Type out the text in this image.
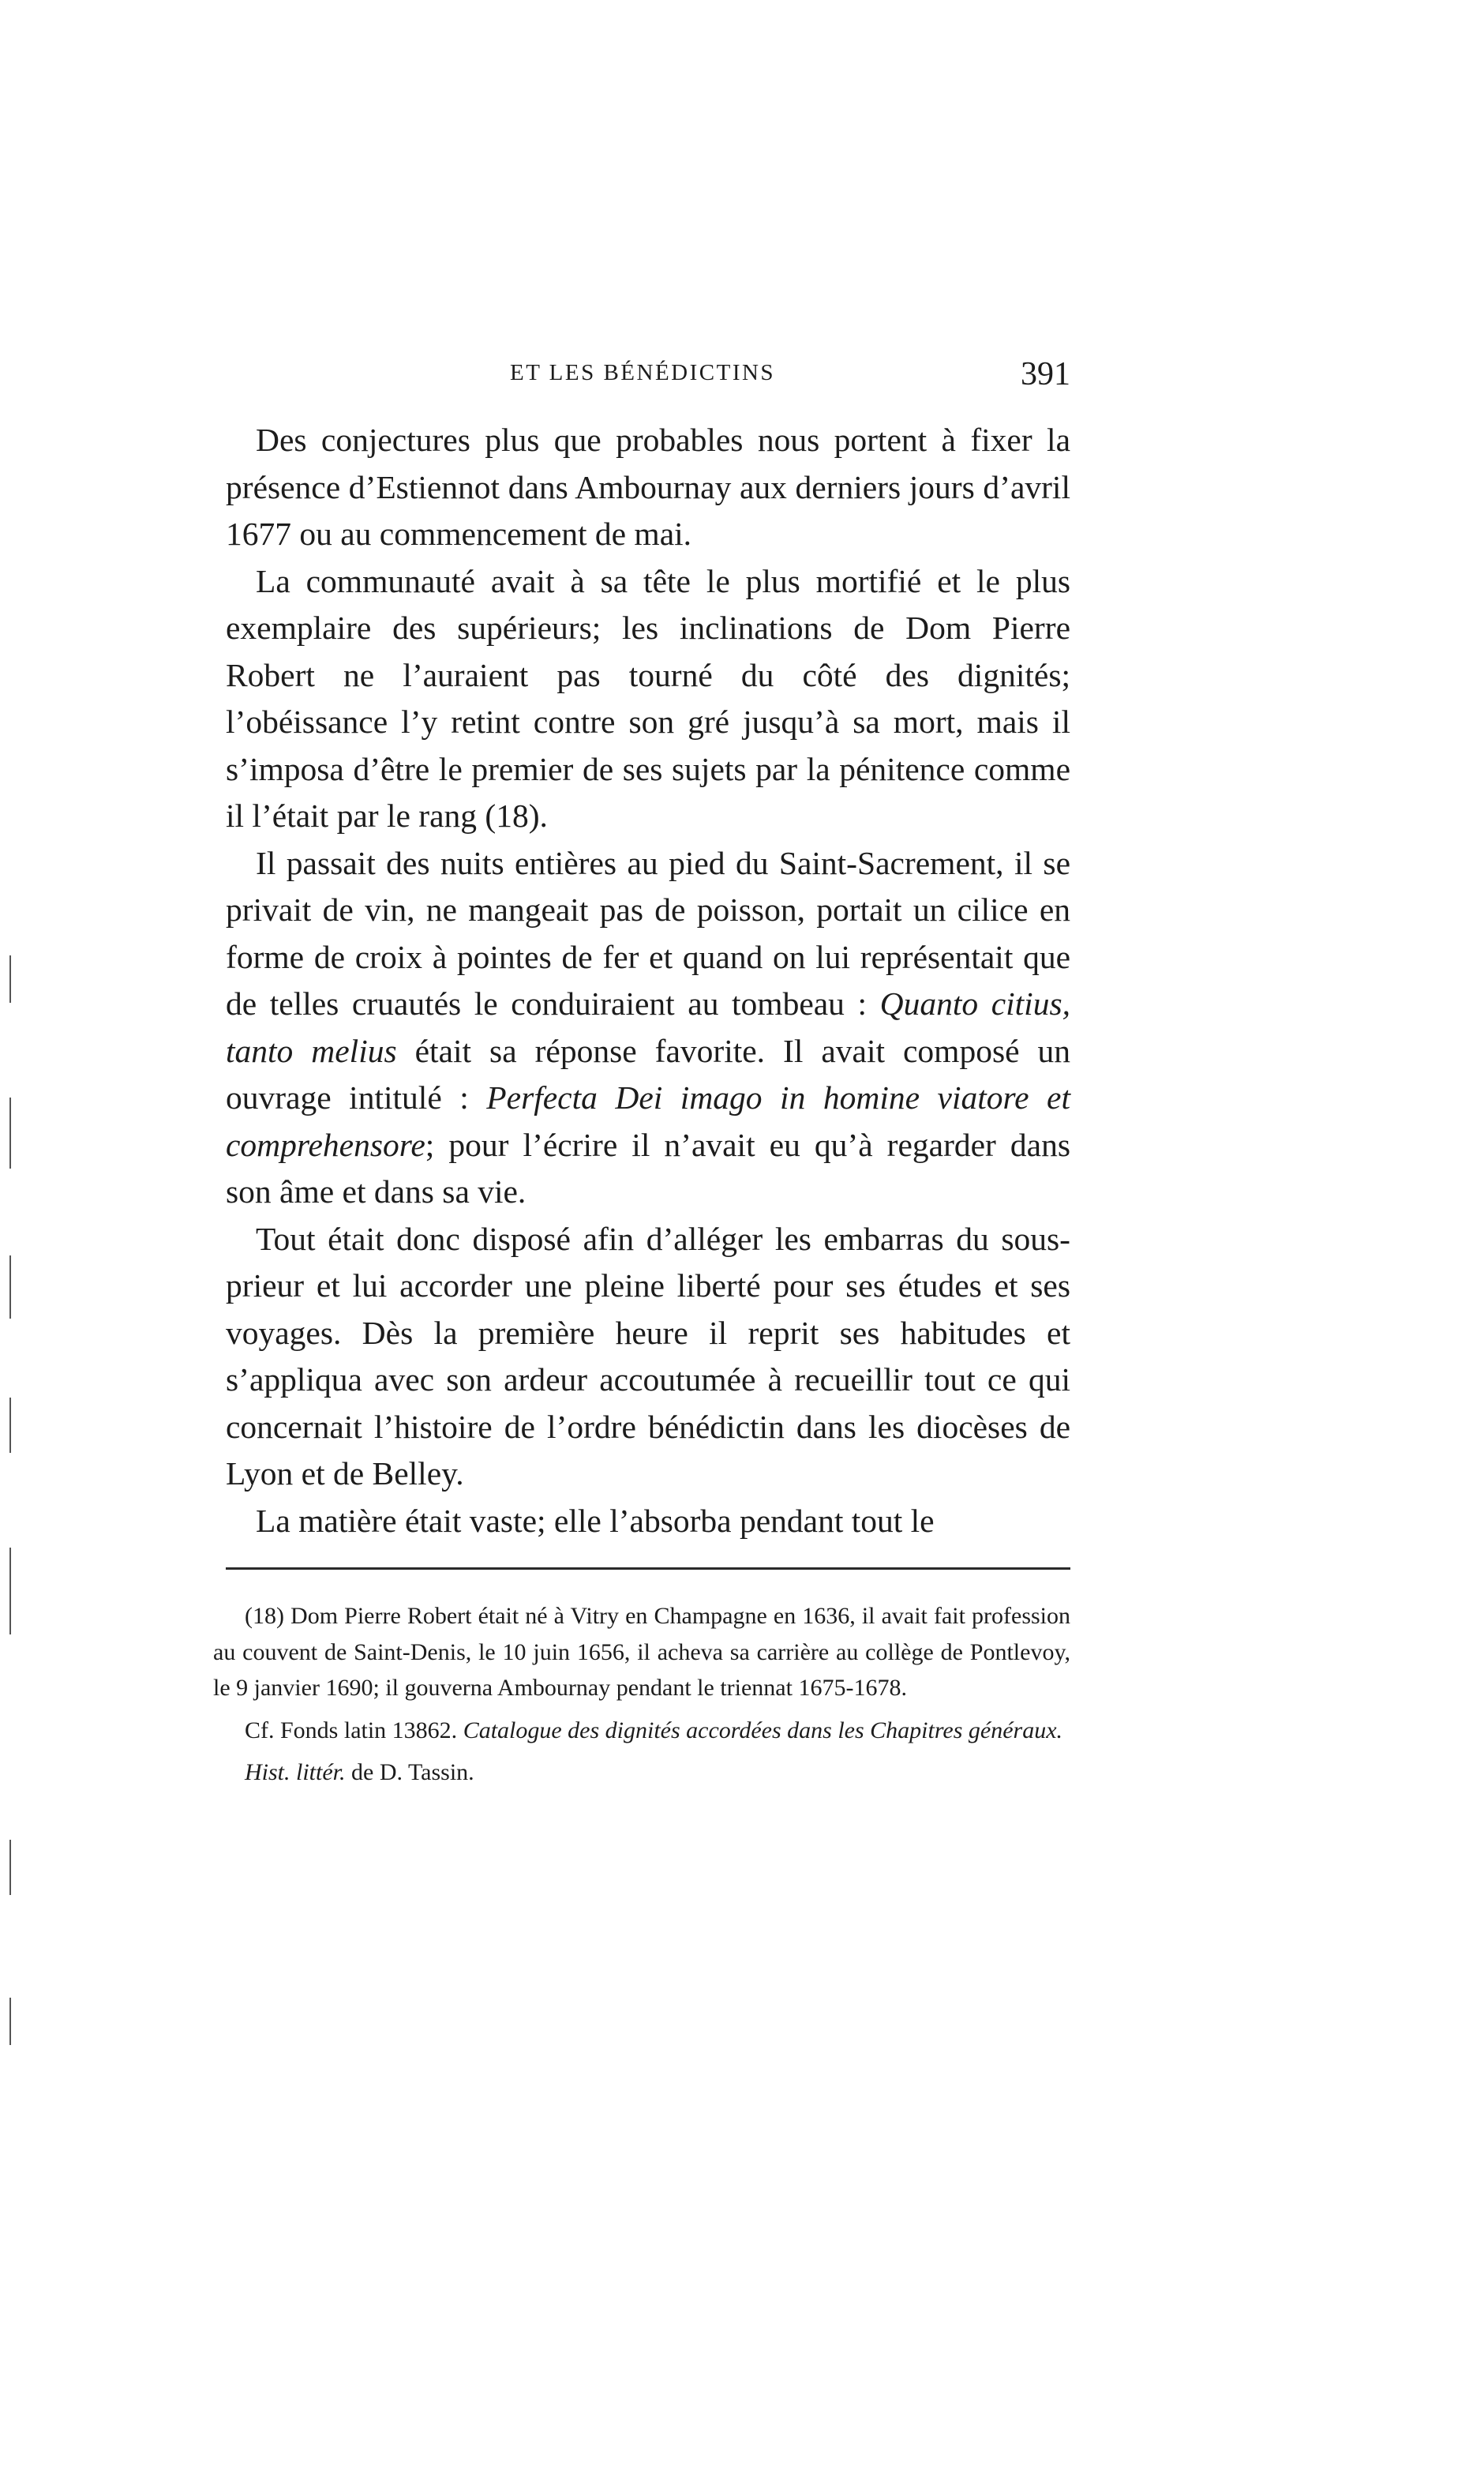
ET LES BÉNÉDICTINS	391

Des conjectures plus que probables nous portent à fixer la présence d’Estiennot dans Ambournay aux derniers jours d’avril 1677 ou au commencement de mai.

La communauté avait à sa tête le plus mortifié et le plus exemplaire des supérieurs; les inclinations de Dom Pierre Robert ne l’auraient pas tourné du côté des dignités; l’obéissance l’y retint contre son gré jusqu’à sa mort, mais il s’imposa d’être le premier de ses sujets par la pénitence comme il l’était par le rang (18).

Il passait des nuits entières au pied du Saint-Sacrement, il se privait de vin, ne mangeait pas de poisson, portait un cilice en forme de croix à pointes de fer et quand on lui représentait que de telles cruautés le conduiraient au tombeau : Quanto citius, tanto melius était sa réponse favorite. Il avait composé un ouvrage intitulé : Perfecta Dei imago in homine viatore et comprehensore; pour l’écrire il n’avait eu qu’à regarder dans son âme et dans sa vie.

Tout était donc disposé afin d’alléger les embarras du sous-prieur et lui accorder une pleine liberté pour ses études et ses voyages. Dès la première heure il reprit ses habitudes et s’appliqua avec son ardeur accoutumée à recueillir tout ce qui concernait l’histoire de l’ordre bénédictin dans les diocèses de Lyon et de Belley.

La matière était vaste; elle l’absorba pendant tout le

(18) Dom Pierre Robert était né à Vitry en Champagne en 1636, il avait fait profession au couvent de Saint-Denis, le 10 juin 1656, il acheva sa carrière au collège de Pontlevoy, le 9 janvier 1690; il gouverna Ambournay pendant le triennat 1675-1678.

Cf. Fonds latin 13862. Catalogue des dignités accordées dans les Chapitres généraux.

Hist. littér. de D. Tassin.
